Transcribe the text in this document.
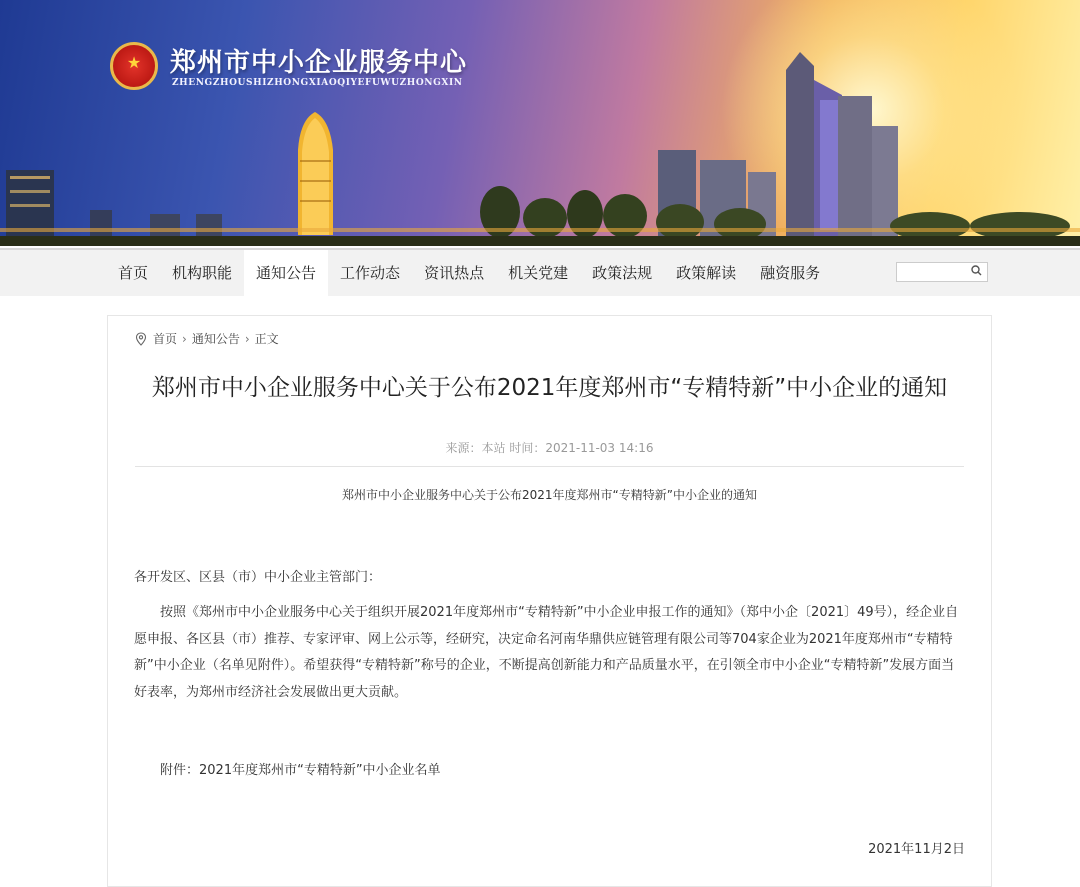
★	郑州市中小企业服务中心
ZHENGZHOUSHIZHONGXIAOQIYEFUWUZHONGXIN
首页	机构职能	通知公告	工作动态	资讯热点	机关党建	政策法规	政策解读	融资服务
首页 › 通知公告 › 正文
郑州市中小企业服务中心关于公布2021年度郑州市“专精特新”中小企业的通知
来源：本站 时间：2021-11-03 14:16
郑州市中小企业服务中心关于公布2021年度郑州市“专精特新”中小企业的通知
各开发区、区县（市）中小企业主管部门：
按照《郑州市中小企业服务中心关于组织开展2021年度郑州市“专精特新”中小企业申报工作的通知》（郑中小企〔2021〕49号），经企业自愿申报、各区县（市）推荐、专家评审、网上公示等，经研究，决定命名河南华鼎供应链管理有限公司等704家企业为2021年度郑州市“专精特新”中小企业（名单见附件）。希望获得“专精特新”称号的企业，不断提高创新能力和产品质量水平，在引领全市中小企业“专精特新”发展方面当好表率，为郑州市经济社会发展做出更大贡献。
附件：2021年度郑州市“专精特新”中小企业名单
2021年11月2日
